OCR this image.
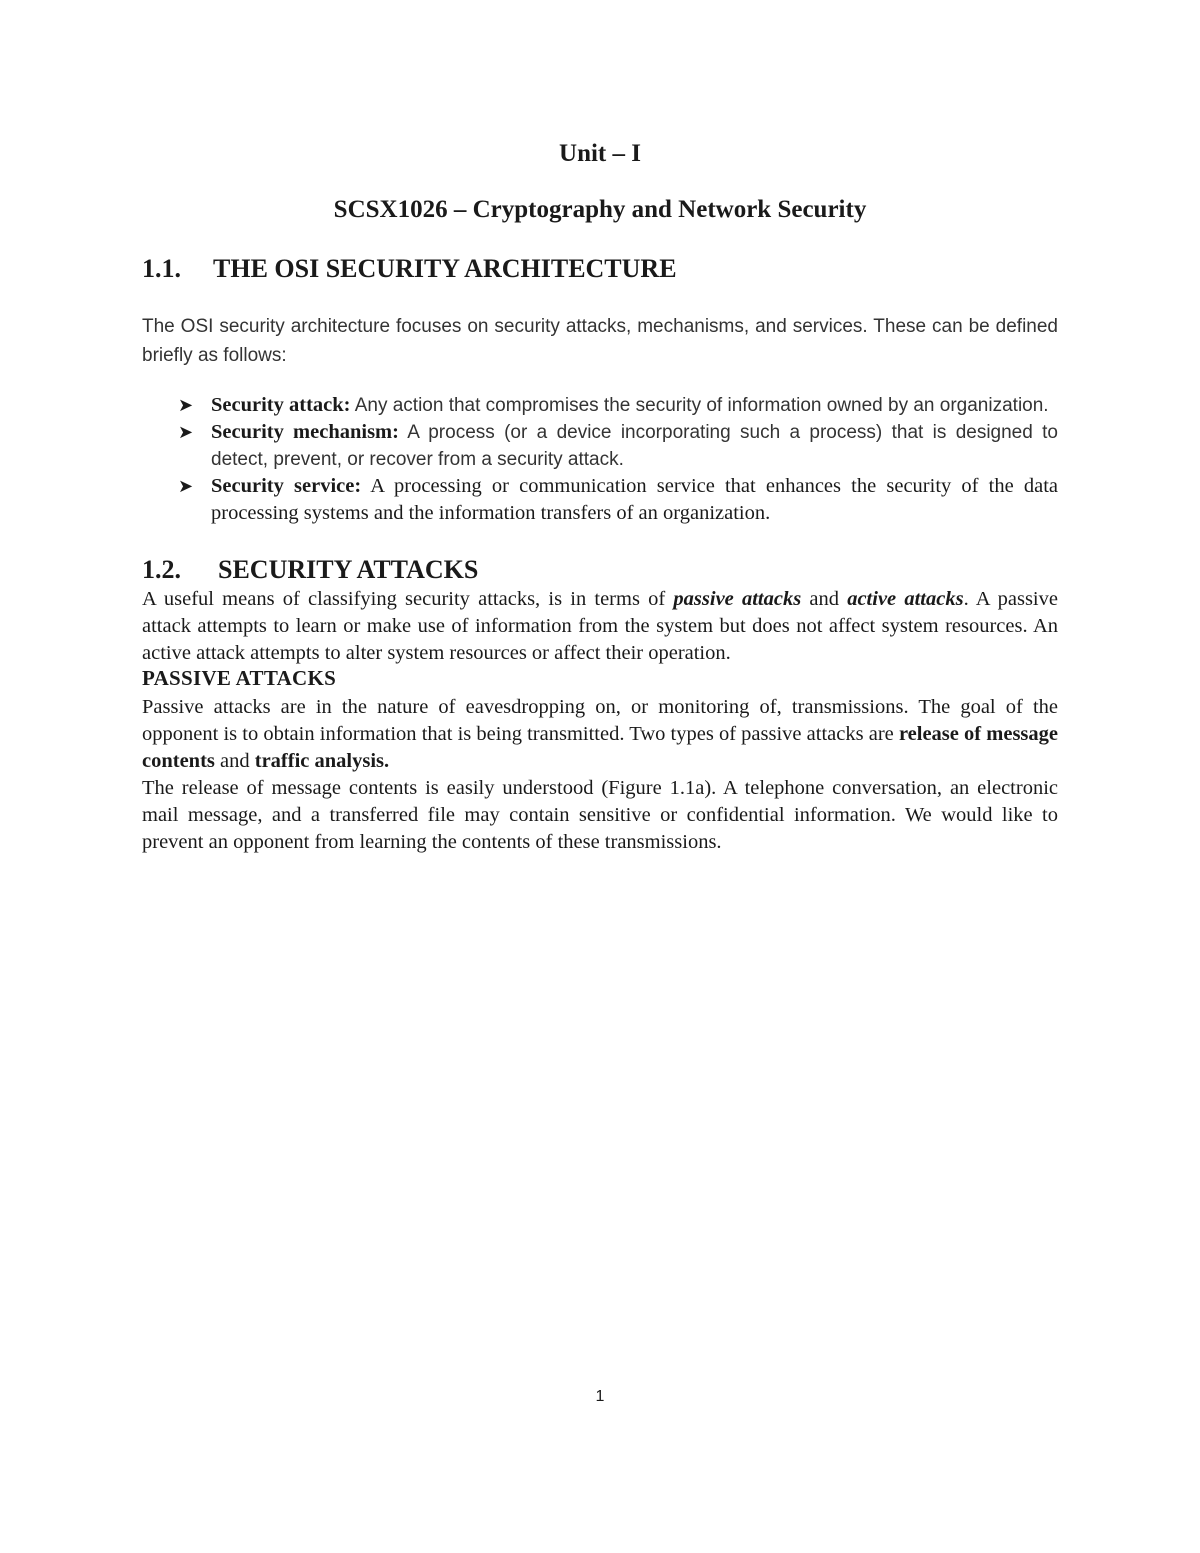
Unit – I
SCSX1026 – Cryptography and Network Security
1.1. THE OSI SECURITY ARCHITECTURE
The OSI security architecture focuses on security attacks, mechanisms, and services. These can be defined briefly as follows:
➤ Security attack: Any action that compromises the security of information owned by an organization.
➤ Security mechanism: A process (or a device incorporating such a process) that is designed to detect, prevent, or recover from a security attack.
➤ Security service: A processing or communication service that enhances the security of the data processing systems and the information transfers of an organization.
1.2. SECURITY ATTACKS
A useful means of classifying security attacks, is in terms of passive attacks and active attacks. A passive attack attempts to learn or make use of information from the system but does not affect system resources. An active attack attempts to alter system resources or affect their operation.
PASSIVE ATTACKS
Passive attacks are in the nature of eavesdropping on, or monitoring of, transmissions. The goal of the opponent is to obtain information that is being transmitted. Two types of passive attacks are release of message contents and traffic analysis.
The release of message contents is easily understood (Figure 1.1a). A telephone conversation, an electronic mail message, and a transferred file may contain sensitive or confidential information. We would like to prevent an opponent from learning the contents of these transmissions.
1
